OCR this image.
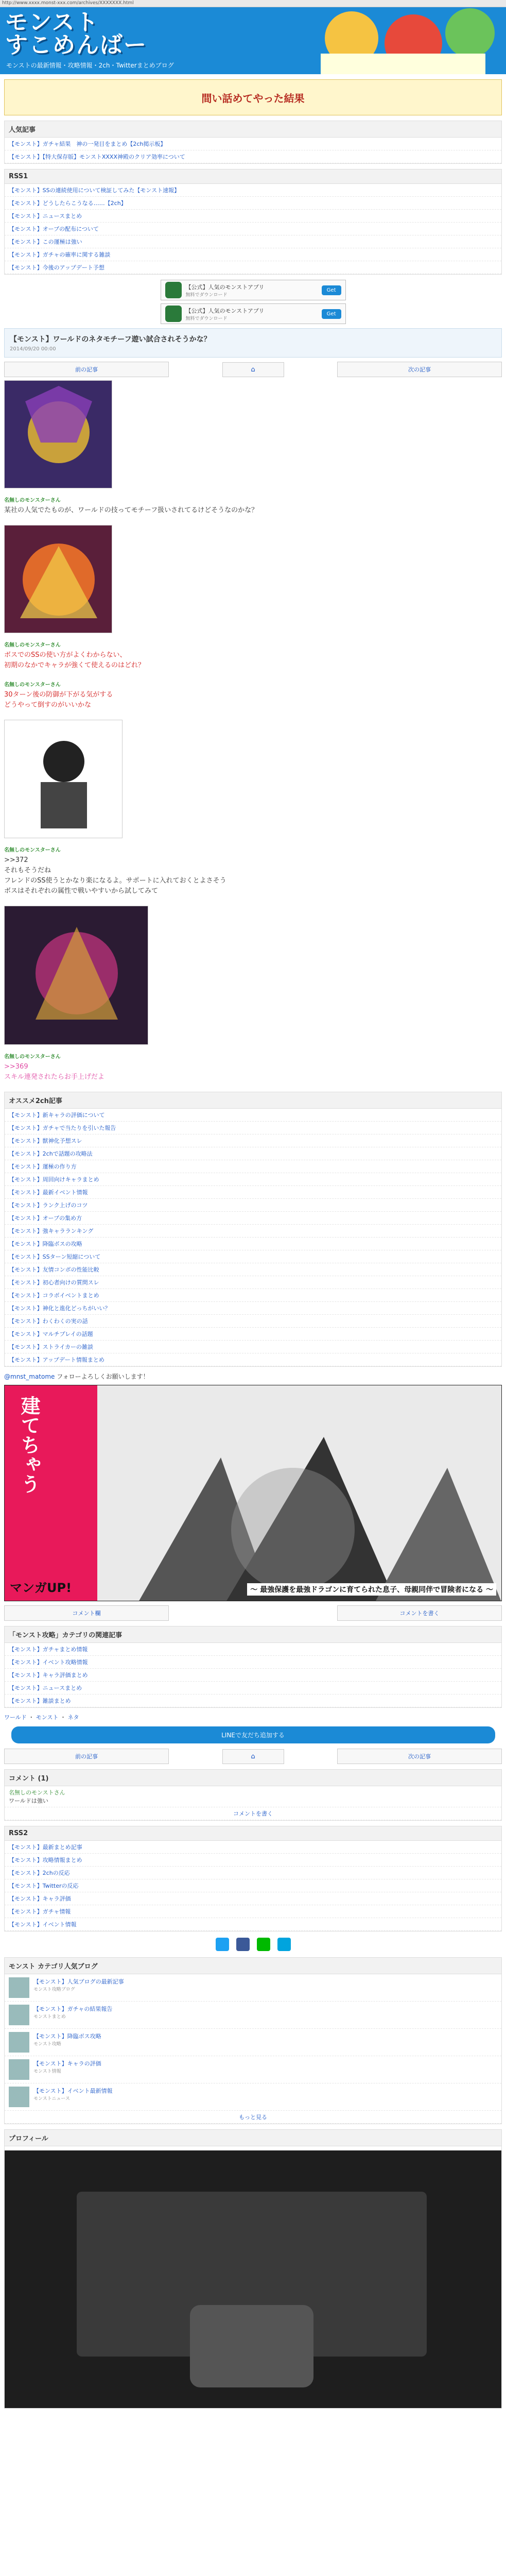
http://www.xxxx.monst-xxx.com/archives/XXXXXXX.html
モンスト
すこめんばー
モンストの最新情報・攻略情報・2ch・Twitterまとめブログ
間い話めてやった結果
人気記事
【モンスト】ガチャ結果　神の一発目をまとめ【2ch掲示板】
【モンスト】【特大保存版】モンストXXXX神殿のクリア効率について
RSS1
【モンスト】SSの連続使用について検証してみた【モンスト速報】
【モンスト】どうしたらこうなる……【2ch】
【モンスト】ニュースまとめ
【モンスト】オーブの配布について
【モンスト】この運極は強い
【モンスト】ガチャの確率に関する雑談
【モンスト】今後のアップデート予想
【公式】人気のモンストアプリ
無料でダウンロード
Get
【公式】人気のモンストアプリ
無料でダウンロード
Get
【モンスト】ワールドのネタモチーフ遊い試合されそうかな？
2014/09/20 00:00
前の記事	⌂	次の記事
名無しのモンスターさん

某社の人気でたものが、ワールドの技ってモチーフ扱いされてるけどそうなのかな？

名無しのモンスターさん

ボスでのSSの使い方がよくわからない、

初期のなかでキャラが強くて使えるのはどれ？

名無しのモンスターさん

30ターン後の防御が下がる気がする

どうやって倒すのがいいかな

名無しのモンスターさん

>>372

それもそうだね

フレンドのSS使うとかなり楽になるよ。サポートに入れておくとよさそう

ボスはそれぞれの属性で戦いやすいから試してみて

名無しのモンスターさん

>>369

スキル連発されたらお手上げだよ

オススメ2ch記事
【モンスト】新キャラの評価について
【モンスト】ガチャで当たりを引いた報告
【モンスト】獣神化予想スレ
【モンスト】2chで話題の攻略法
【モンスト】運極の作り方
【モンスト】周回向けキャラまとめ
【モンスト】最新イベント情報
【モンスト】ランク上げのコツ
【モンスト】オーブの集め方
【モンスト】強キャラランキング
【モンスト】降臨ボスの攻略
【モンスト】SSターン短縮について
【モンスト】友情コンボの性能比較
【モンスト】初心者向けの質問スレ
【モンスト】コラボイベントまとめ
【モンスト】神化と進化どっちがいい？
【モンスト】わくわくの実の話
【モンスト】マルチプレイの話題
【モンスト】ストライカーの雑談
【モンスト】アップデート情報まとめ
@mnst_matome フォローよろしくお願いします！
建てちゃう
マンガUP!	～ 最強保護を最強ドラゴンに育てられた息子、母親同伴で冒険者になる ～
コメント欄	コメントを書く
「モンスト攻略」カテゴリの関連記事
【モンスト】ガチャまとめ情報
【モンスト】イベント攻略情報
【モンスト】キャラ評価まとめ
【モンスト】ニュースまとめ
【モンスト】雑談まとめ
ワールド ・ モンスト ・ ネタ
LINEで友だち追加する
前の記事	⌂	次の記事
コメント (1)
名無しのモンストさん
ワールドは強い
コメントを書く
RSS2
【モンスト】最新まとめ記事
【モンスト】攻略情報まとめ
【モンスト】2chの反応
【モンスト】Twitterの反応
【モンスト】キャラ評価
【モンスト】ガチャ情報
【モンスト】イベント情報
モンスト カテゴリ人気ブログ
【モンスト】人気ブログの最新記事
モンスト攻略ブログ
【モンスト】ガチャの結果報告
モンストまとめ
【モンスト】降臨ボス攻略
モンスト攻略
【モンスト】キャラの評価
モンスト情報
【モンスト】イベント最新情報
モンストニュース
もっと見る
プロフィール
